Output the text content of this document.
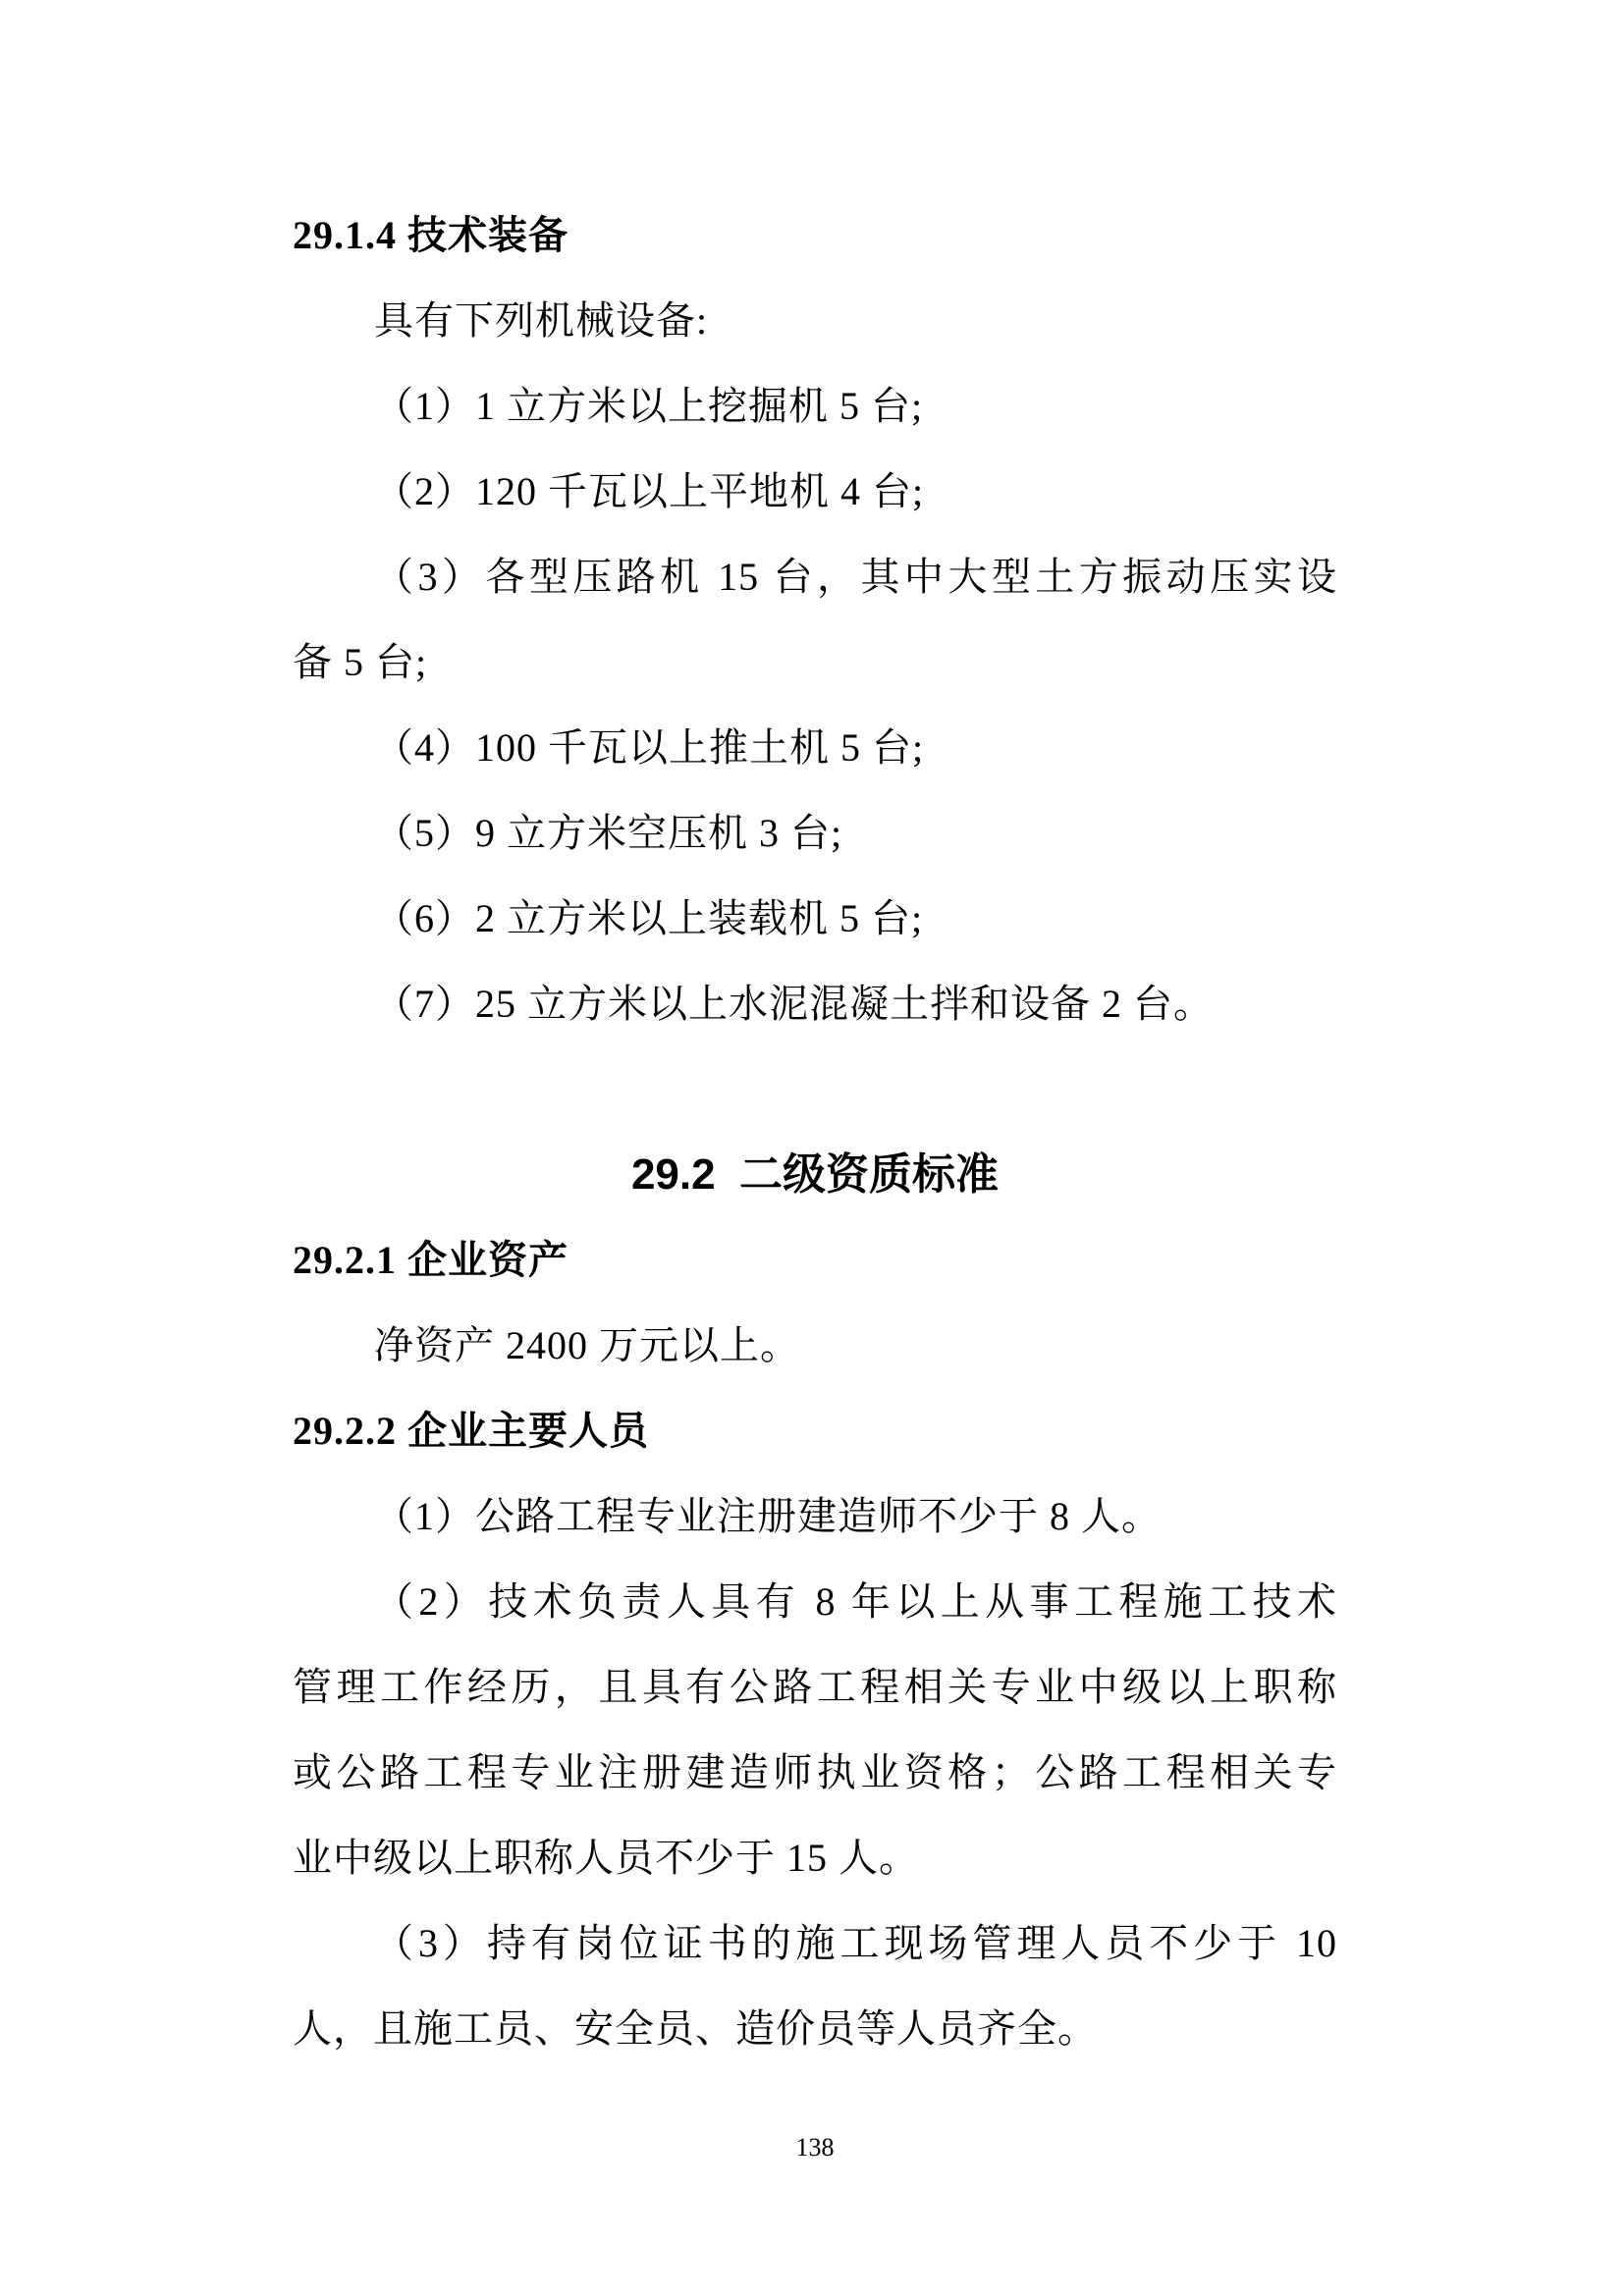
29.1.4 技术装备
具有下列机械设备:
（1）1 立方米以上挖掘机 5 台;
（2）120 千瓦以上平地机 4 台;
（3）各型压路机 15 台，其中大型土方振动压实设
备 5 台;
（4）100 千瓦以上推土机 5 台;
（5）9 立方米空压机 3 台;
（6）2 立方米以上装载机 5 台;
（7）25 立方米以上水泥混凝土拌和设备 2 台。
29.2  二级资质标准
29.2.1 企业资产
净资产 2400 万元以上。
29.2.2 企业主要人员
（1）公路工程专业注册建造师不少于 8 人。
（2）技术负责人具有 8 年以上从事工程施工技术
管理工作经历，且具有公路工程相关专业中级以上职称
或公路工程专业注册建造师执业资格；公路工程相关专
业中级以上职称人员不少于 15 人。
（3）持有岗位证书的施工现场管理人员不少于 10
人，且施工员、安全员、造价员等人员齐全。
138
